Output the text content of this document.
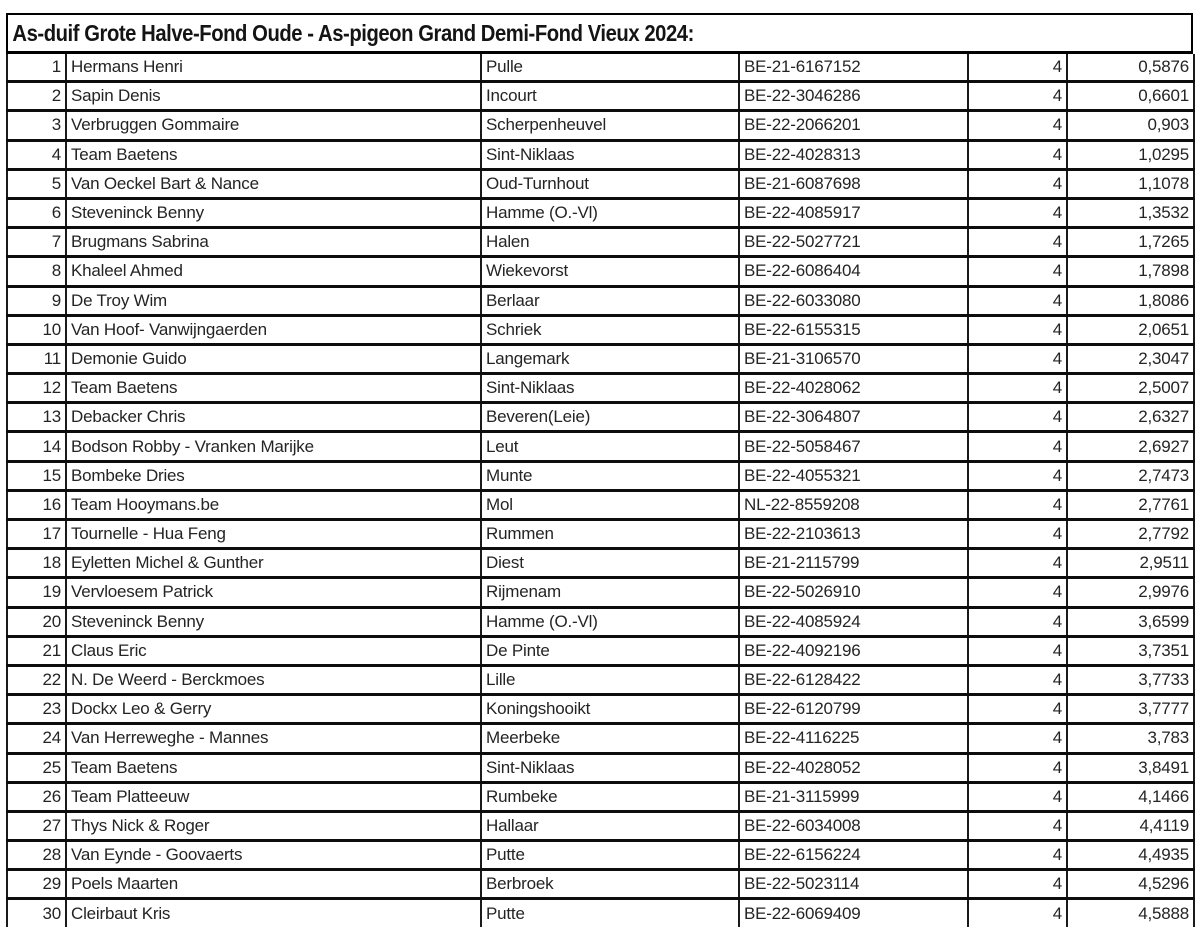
As-duif Grote Halve-Fond Oude - As-pigeon Grand Demi-Fond Vieux 2024:
1	Hermans Henri	Pulle	BE-21-6167152	4	0,5876
2	Sapin Denis	Incourt	BE-22-3046286	4	0,6601
3	Verbruggen Gommaire	Scherpenheuvel	BE-22-2066201	4	0,903
4	Team Baetens	Sint-Niklaas	BE-22-4028313	4	1,0295
5	Van Oeckel Bart & Nance	Oud-Turnhout	BE-21-6087698	4	1,1078
6	Steveninck Benny	Hamme (O.-Vl)	BE-22-4085917	4	1,3532
7	Brugmans Sabrina	Halen	BE-22-5027721	4	1,7265
8	Khaleel Ahmed	Wiekevorst	BE-22-6086404	4	1,7898
9	De Troy Wim	Berlaar	BE-22-6033080	4	1,8086
10	Van Hoof- Vanwijngaerden	Schriek	BE-22-6155315	4	2,0651
11	Demonie Guido	Langemark	BE-21-3106570	4	2,3047
12	Team Baetens	Sint-Niklaas	BE-22-4028062	4	2,5007
13	Debacker Chris	Beveren(Leie)	BE-22-3064807	4	2,6327
14	Bodson Robby - Vranken Marijke	Leut	BE-22-5058467	4	2,6927
15	Bombeke Dries	Munte	BE-22-4055321	4	2,7473
16	Team Hooymans.be	Mol	NL-22-8559208	4	2,7761
17	Tournelle - Hua Feng	Rummen	BE-22-2103613	4	2,7792
18	Eyletten Michel & Gunther	Diest	BE-21-2115799	4	2,9511
19	Vervloesem Patrick	Rijmenam	BE-22-5026910	4	2,9976
20	Steveninck Benny	Hamme (O.-Vl)	BE-22-4085924	4	3,6599
21	Claus Eric	De Pinte	BE-22-4092196	4	3,7351
22	N. De Weerd - Berckmoes	Lille	BE-22-6128422	4	3,7733
23	Dockx Leo & Gerry	Koningshooikt	BE-22-6120799	4	3,7777
24	Van Herreweghe - Mannes	Meerbeke	BE-22-4116225	4	3,783
25	Team Baetens	Sint-Niklaas	BE-22-4028052	4	3,8491
26	Team Platteeuw	Rumbeke	BE-21-3115999	4	4,1466
27	Thys Nick & Roger	Hallaar	BE-22-6034008	4	4,4119
28	Van Eynde - Goovaerts	Putte	BE-22-6156224	4	4,4935
29	Poels Maarten	Berbroek	BE-22-5023114	4	4,5296
30	Cleirbaut Kris	Putte	BE-22-6069409	4	4,5888
